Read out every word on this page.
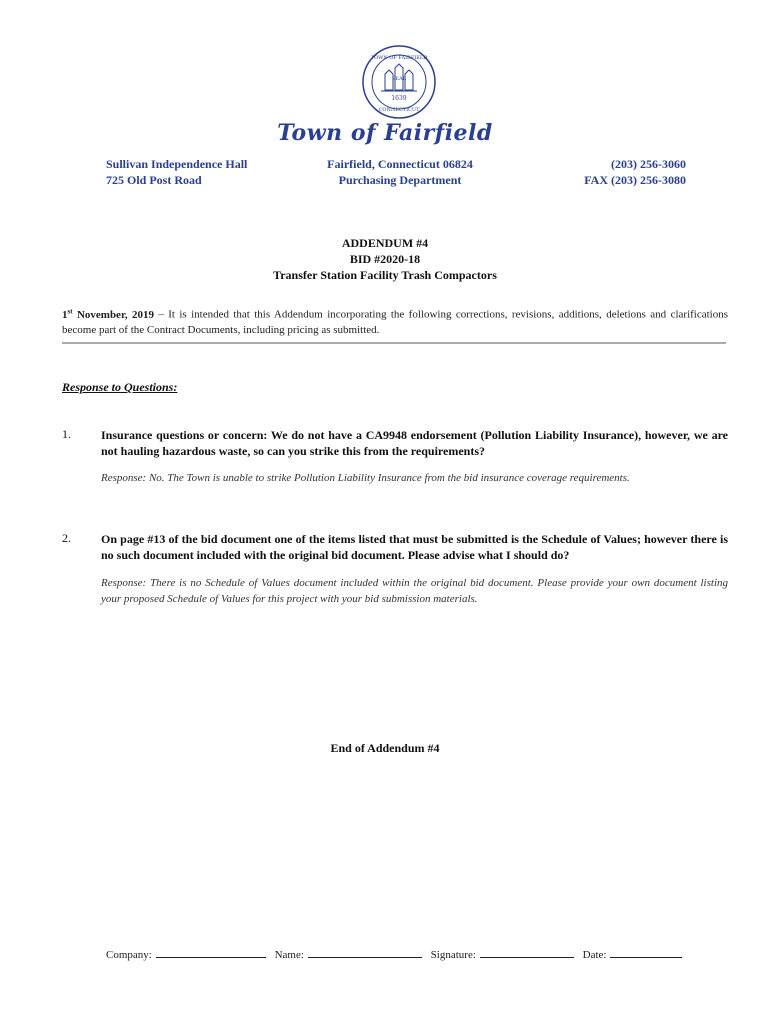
1639
TOWN OF FAIRFIELD
CONNECTICUT
SEAL
Town of Fairfield
Sullivan Independence Hall
725 Old Post Road
Fairfield, Connecticut 06824
Purchasing Department
(203) 256-3060
FAX (203) 256-3080
ADDENDUM #4
BID #2020-18
Transfer Station Facility Trash Compactors
1st November, 2019 – It is intended that this Addendum incorporating the following corrections, revisions, additions, deletions and clarifications become part of the Contract Documents, including pricing as submitted.
Response to Questions:
1.	Insurance questions or concern: We do not have a CA9948 endorsement (Pollution Liability Insurance), however, we are not hauling hazardous waste, so can you strike this from the requirements?
Response: No. The Town is unable to strike Pollution Liability Insurance from the bid insurance coverage requirements.
2.	On page #13 of the bid document one of the items listed that must be submitted is the Schedule of Values; however there is no such document included with the original bid document. Please advise what I should do?
Response: There is no Schedule of Values document included within the original bid document. Please provide your own document listing your proposed Schedule of Values for this project with your bid submission materials.
End of Addendum #4
Company:	Name:	Signature:	Date:
